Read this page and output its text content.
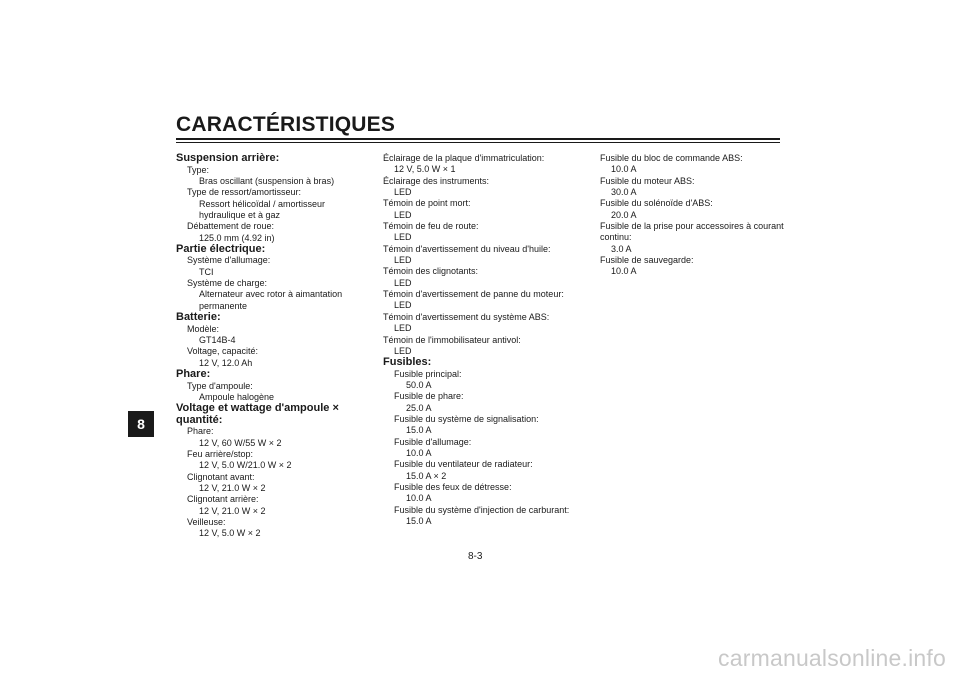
CARACTÉRISTIQUES
8
Suspension arrière:
Type:
Bras oscillant (suspension à bras)
Type de ressort/amortisseur:
Ressort hélicoïdal / amortisseur
hydraulique et à gaz
Débattement de roue:
125.0 mm (4.92 in)
Partie électrique:
Système d'allumage:
TCI
Système de charge:
Alternateur avec rotor à aimantation
permanente
Batterie:
Modèle:
GT14B-4
Voltage, capacité:
12 V, 12.0 Ah
Phare:
Type d'ampoule:
Ampoule halogène
Voltage et wattage d'ampoule × quantité:
Phare:
12 V, 60 W/55 W × 2
Feu arrière/stop:
12 V, 5.0 W/21.0 W × 2
Clignotant avant:
12 V, 21.0 W × 2
Clignotant arrière:
12 V, 21.0 W × 2
Veilleuse:
12 V, 5.0 W × 2
Éclairage de la plaque d'immatriculation:
12 V, 5.0 W × 1
Éclairage des instruments:
LED
Témoin de point mort:
LED
Témoin de feu de route:
LED
Témoin d'avertissement du niveau d'huile:
LED
Témoin des clignotants:
LED
Témoin d'avertissement de panne du moteur:
LED
Témoin d'avertissement du système ABS:
LED
Témoin de l'immobilisateur antivol:
LED
Fusibles:
Fusible principal:
50.0 A
Fusible de phare:
25.0 A
Fusible du système de signalisation:
15.0 A
Fusible d'allumage:
10.0 A
Fusible du ventilateur de radiateur:
15.0 A × 2
Fusible des feux de détresse:
10.0 A
Fusible du système d'injection de carburant:
15.0 A
Fusible du bloc de commande ABS:
10.0 A
Fusible du moteur ABS:
30.0 A
Fusible du solénoïde d'ABS:
20.0 A
Fusible de la prise pour accessoires à courant
continu:
3.0 A
Fusible de sauvegarde:
10.0 A
8-3
carmanualsonline.info
